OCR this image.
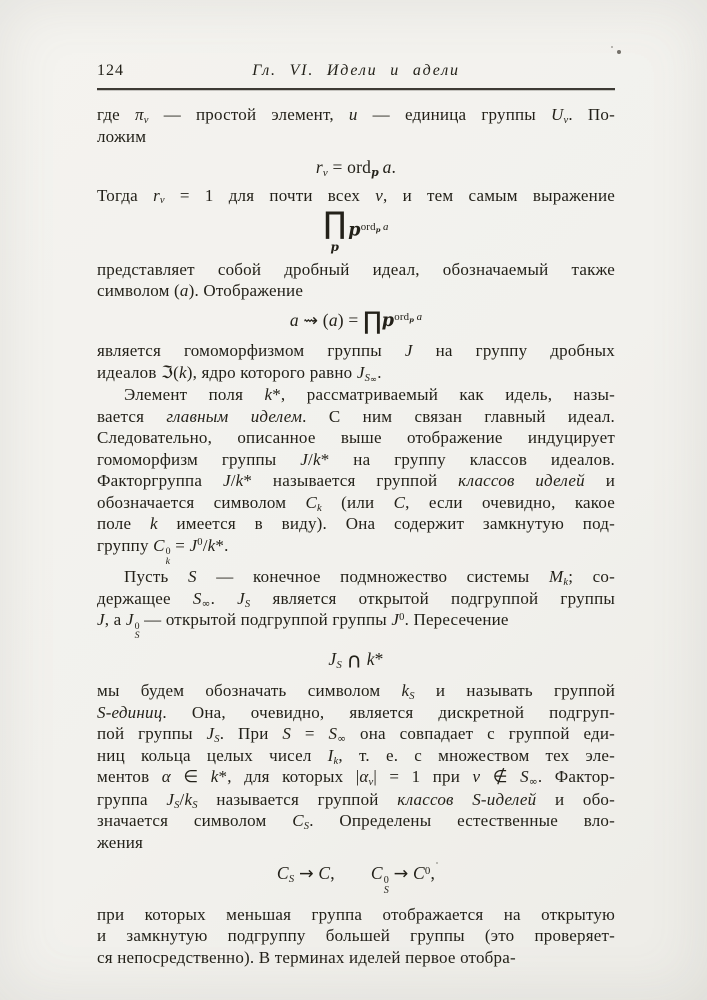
124	Гл. VI. Идели и адели
где $\pi_v$ — простой элемент, u — единица группы $U_v$. По-
ложим
$r_v = ord_p$  a.
Тогда $r_v = 1$ для почти всех v, и тем самым выражение
∏
p
$p^{ord_p a}$
представляет собой дробный идеал, обозначаемый также
символом (a). Отображение
a ⇝ $(a) = \prod p^{ord_p a}$
является гомоморфизмом группы J на группу дробных
идеалов ℑ(k), ядро которого равно $J_{S_\infty}$.
Элемент поля k*, рассматриваемый как идель, назы-
вается главным иделем. С ним связан главный идеал.
Следовательно, описанное выше отображение индуцирует
гомоморфизм группы J/k* на группу классов идеалов.
Факторгруппа J/k* называется группой классов иделей и
обозначается символом $C_k$ (или C, если очевидно, какое
поле k имеется в виду). Она содержит замкнутую под-
группу C 0
k
= $J^0/k*$.
Пусть S — конечное подмножество системы $M_k$; со-
держащее $S_\infty$. $J_S$ является открытой подгруппой группы
J, а J 0
S
— открытой подгруппой группы $J^0$. Пересечение
$J_S$ ∩ k*
мы будем обозначать символом $k_S$ и называть группой
S-единиц. Она, очевидно, является дискретной подгруп-
пой группы $J_S$. При $S = S_\infty$ она совпадает с группой еди-
ниц кольца целых чисел $I_k$, т. е. с множеством тех эле-
ментов α ∈ k*, для которых $|\alpha_v| = 1$ при v ∉ $S_\infty$. Фактор-
группа $J_S/k_S$ называется группой классов S-иделей и обо-
значается символом $C_S$. Определены естественные вло-
жения
$C_S \to C$, C 0
S
→ $C^0$,
при которых меньшая группа отображается на открытую
и замкнутую подгруппу большей группы (это проверяет-
ся непосредственно). В терминах иделей первое отобра-
